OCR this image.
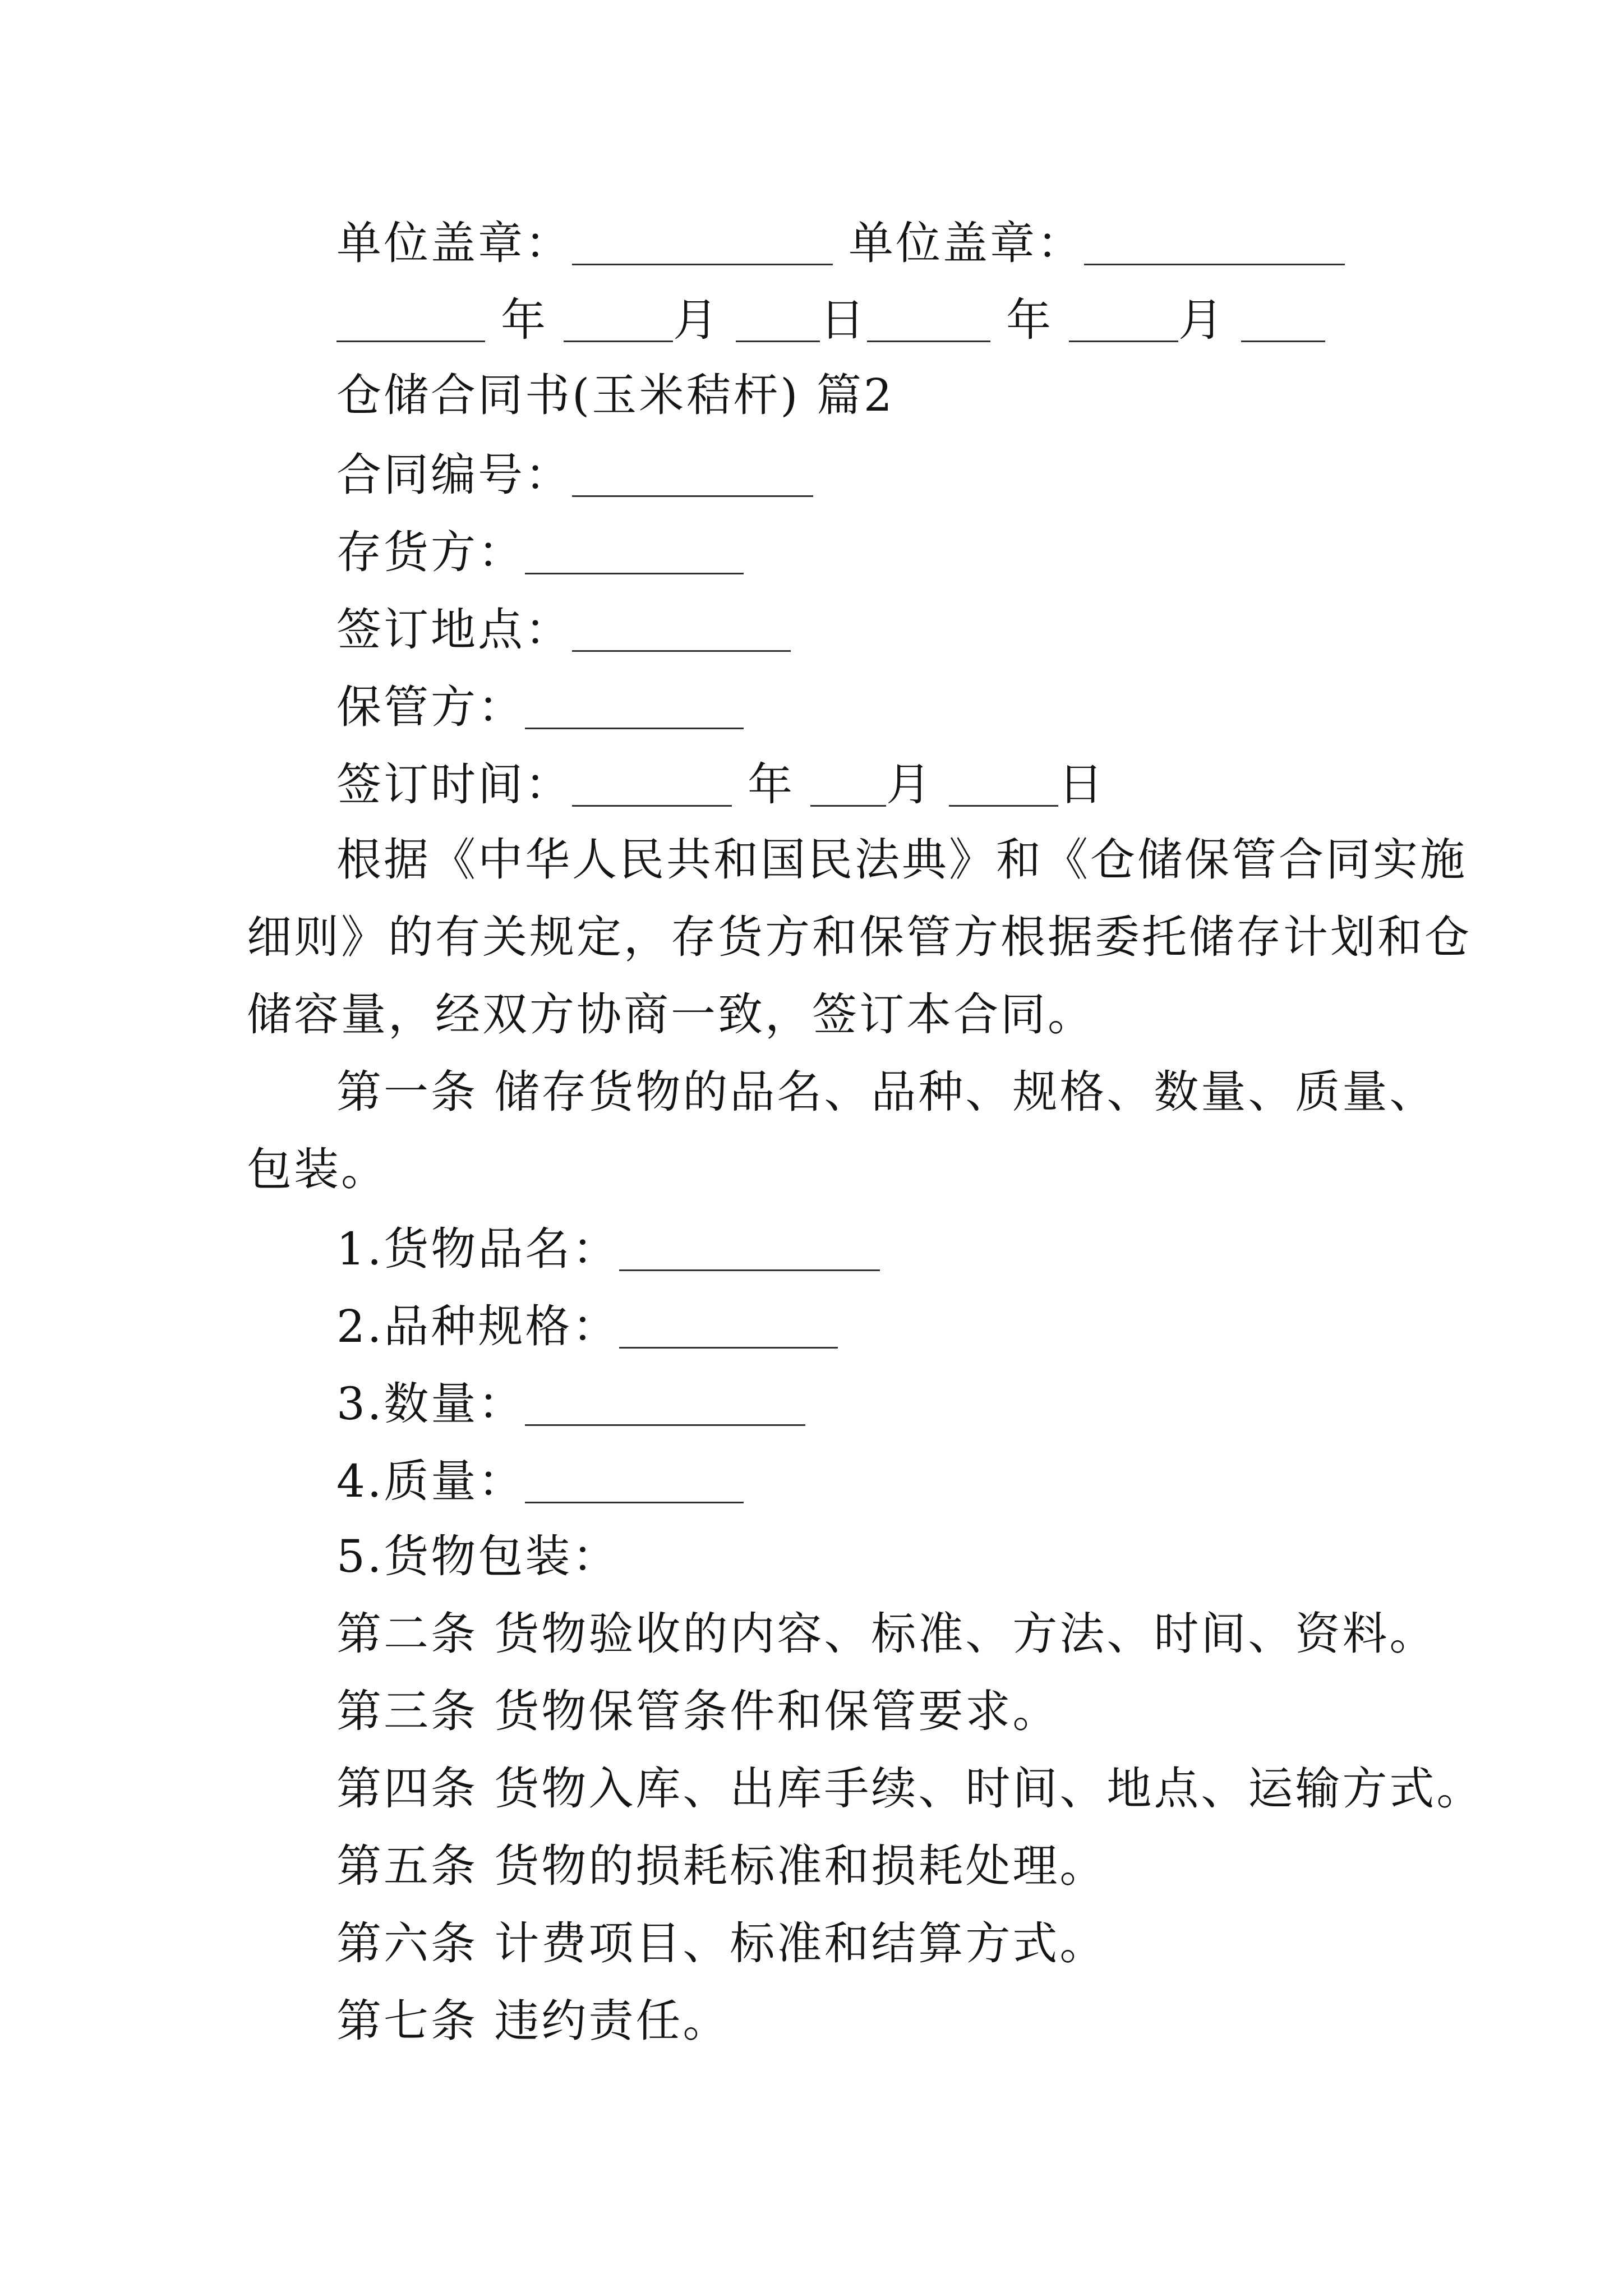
单位盖章：	单位盖章：
年	月 日	年	月
仓储合同书(玉米秸杆) 篇2
合同编号：
存货方：
签订地点：
保管方：
签订时间：	年 月	日
根据《中华人民共和国民法典》和《仓储保管合同实施
细则》的有关规定，存货方和保管方根据委托储存计划和仓
储容量，经双方协商一致，签订本合同。
第一条 储存货物的品名、品种、规格、数量、质量、
包装。
1.货物品名：
2.品种规格：
3.数量：
4.质量：
5.货物包装：
第二条 货物验收的内容、标准、方法、时间、资料。
第三条 货物保管条件和保管要求。
第四条 货物入库、出库手续、时间、地点、运输方式。
第五条 货物的损耗标准和损耗处理。
第六条 计费项目、标准和结算方式。
第七条 违约责任。
